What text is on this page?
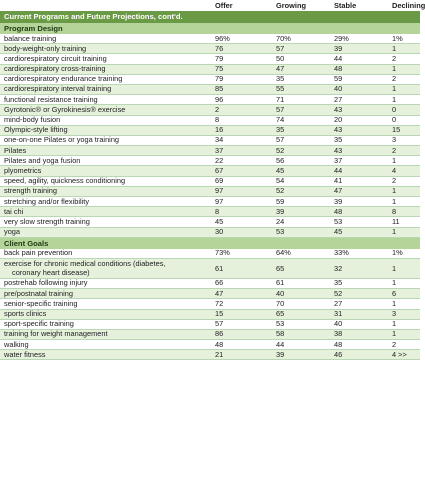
Offer	Growing	Stable	Declining
Current Programs and Future Projections, cont'd.
Program Design
balance training	96%	70%	29%	1%
body-weight-only training	76	57	39	1
cardiorespiratory circuit training	79	50	44	2
cardiorespiratory cross-training	75	47	48	1
cardiorespiratory endurance training	79	35	59	2
cardiorespiratory interval training	85	55	40	1
functional resistance training	96	71	27	1
Gyrotonic® or Gyrokinesis® exercise	2	57	43	0
mind-body fusion	8	74	20	0
Olympic-style lifting	16	35	43	15
one-on-one Pilates or yoga training	34	57	35	3
Pilates	37	52	43	2
Pilates and yoga fusion	22	56	37	1
plyometrics	67	45	44	4
speed, agility, quickness conditioning	69	54	41	2
strength training	97	52	47	1
stretching and/or flexibility	97	59	39	1
tai chi	8	39	48	8
very slow strength training	45	24	53	11
yoga	30	53	45	1
Client Goals
back pain prevention	73%	64%	33%	1%
exercise for chronic medical conditions (diabetes,
coronary heart disease)
61	65	32	1
postrehab following injury	66	61	35	1
pre/postnatal training	47	40	52	6
senior-specific training	72	70	27	1
sports clinics	15	65	31	3
sport-specific training	57	53	40	1
training for weight management	86	58	38	1
walking	48	44	48	2
water fitness	21	39	46	4 >>
